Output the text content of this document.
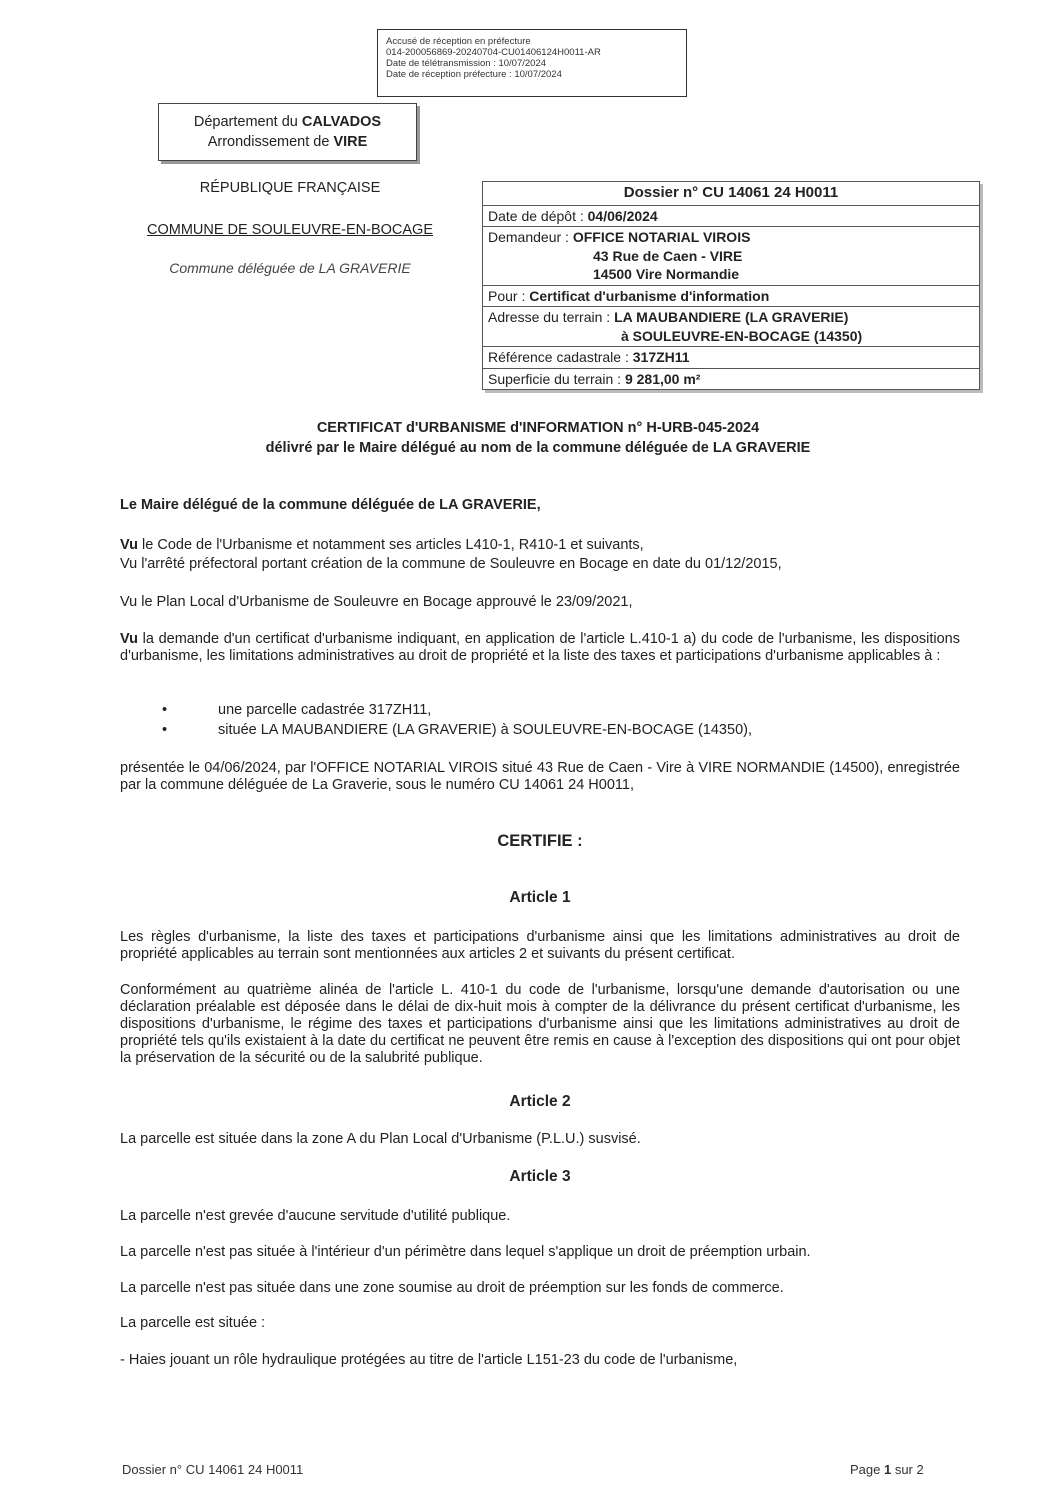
Accusé de réception en préfecture
014-200056869-20240704-CU01406124H0011-AR
Date de télétransmission : 10/07/2024
Date de réception préfecture : 10/07/2024
Département du CALVADOS
Arrondissement de VIRE
RÉPUBLIQUE FRANÇAISE
COMMUNE DE SOULEUVRE-EN-BOCAGE
Commune déléguée de LA GRAVERIE
Dossier n° CU 14061 24 H0011
Date de dépôt : 04/06/2024
Demandeur : OFFICE NOTARIAL VIROIS
43 Rue de Caen - VIRE
14500 Vire Normandie
Pour : Certificat d'urbanisme d'information
Adresse du terrain : LA MAUBANDIERE (LA GRAVERIE)
à SOULEUVRE-EN-BOCAGE (14350)
Référence cadastrale : 317ZH11
Superficie du terrain : 9 281,00 m²
CERTIFICAT d'URBANISME d'INFORMATION n° H-URB-045-2024
délivré par le Maire délégué au nom de la commune déléguée de LA GRAVERIE
Le Maire délégué de la commune déléguée de LA GRAVERIE,
Vu le Code de l'Urbanisme et notamment ses articles L410-1, R410-1 et suivants,
Vu l'arrêté préfectoral portant création de la commune de Souleuvre en Bocage en date du 01/12/2015,
Vu le Plan Local d'Urbanisme de Souleuvre en Bocage approuvé le 23/09/2021,
Vu la demande d'un certificat d'urbanisme indiquant, en application de l'article L.410-1 a) du code de l'urbanisme, les dispositions d'urbanisme, les limitations administratives au droit de propriété et la liste des taxes et participations d'urbanisme applicables à :
•	une parcelle cadastrée 317ZH11,
•	située LA MAUBANDIERE (LA GRAVERIE) à SOULEUVRE-EN-BOCAGE (14350),
présentée le 04/06/2024, par l'OFFICE NOTARIAL VIROIS situé 43 Rue de Caen - Vire à VIRE NORMANDIE (14500), enregistrée par la commune déléguée de La Graverie, sous le numéro CU 14061 24 H0011,
CERTIFIE :
Article 1
Les règles d'urbanisme, la liste des taxes et participations d'urbanisme ainsi que les limitations administratives au droit de propriété applicables au terrain sont mentionnées aux articles 2 et suivants du présent certificat.
Conformément au quatrième alinéa de l'article L. 410-1 du code de l'urbanisme, lorsqu'une demande d'autorisation ou une déclaration préalable est déposée dans le délai de dix-huit mois à compter de la délivrance du présent certificat d'urbanisme, les dispositions d'urbanisme, le régime des taxes et participations d'urbanisme ainsi que les limitations administratives au droit de propriété tels qu'ils existaient à la date du certificat ne peuvent être remis en cause à l'exception des dispositions qui ont pour objet la préservation de la sécurité ou de la salubrité publique.
Article 2
La parcelle est située dans la zone A du Plan Local d'Urbanisme (P.L.U.) susvisé.
Article 3
La parcelle n'est grevée d'aucune servitude d'utilité publique.
La parcelle n'est pas située à l'intérieur d'un périmètre dans lequel s'applique un droit de préemption urbain.
La parcelle n'est pas située dans une zone soumise au droit de préemption sur les fonds de commerce.
La parcelle est située :
- Haies jouant un rôle hydraulique protégées au titre de l'article L151-23 du code de l'urbanisme,
Dossier n° CU 14061 24 H0011	Page 1 sur 2
